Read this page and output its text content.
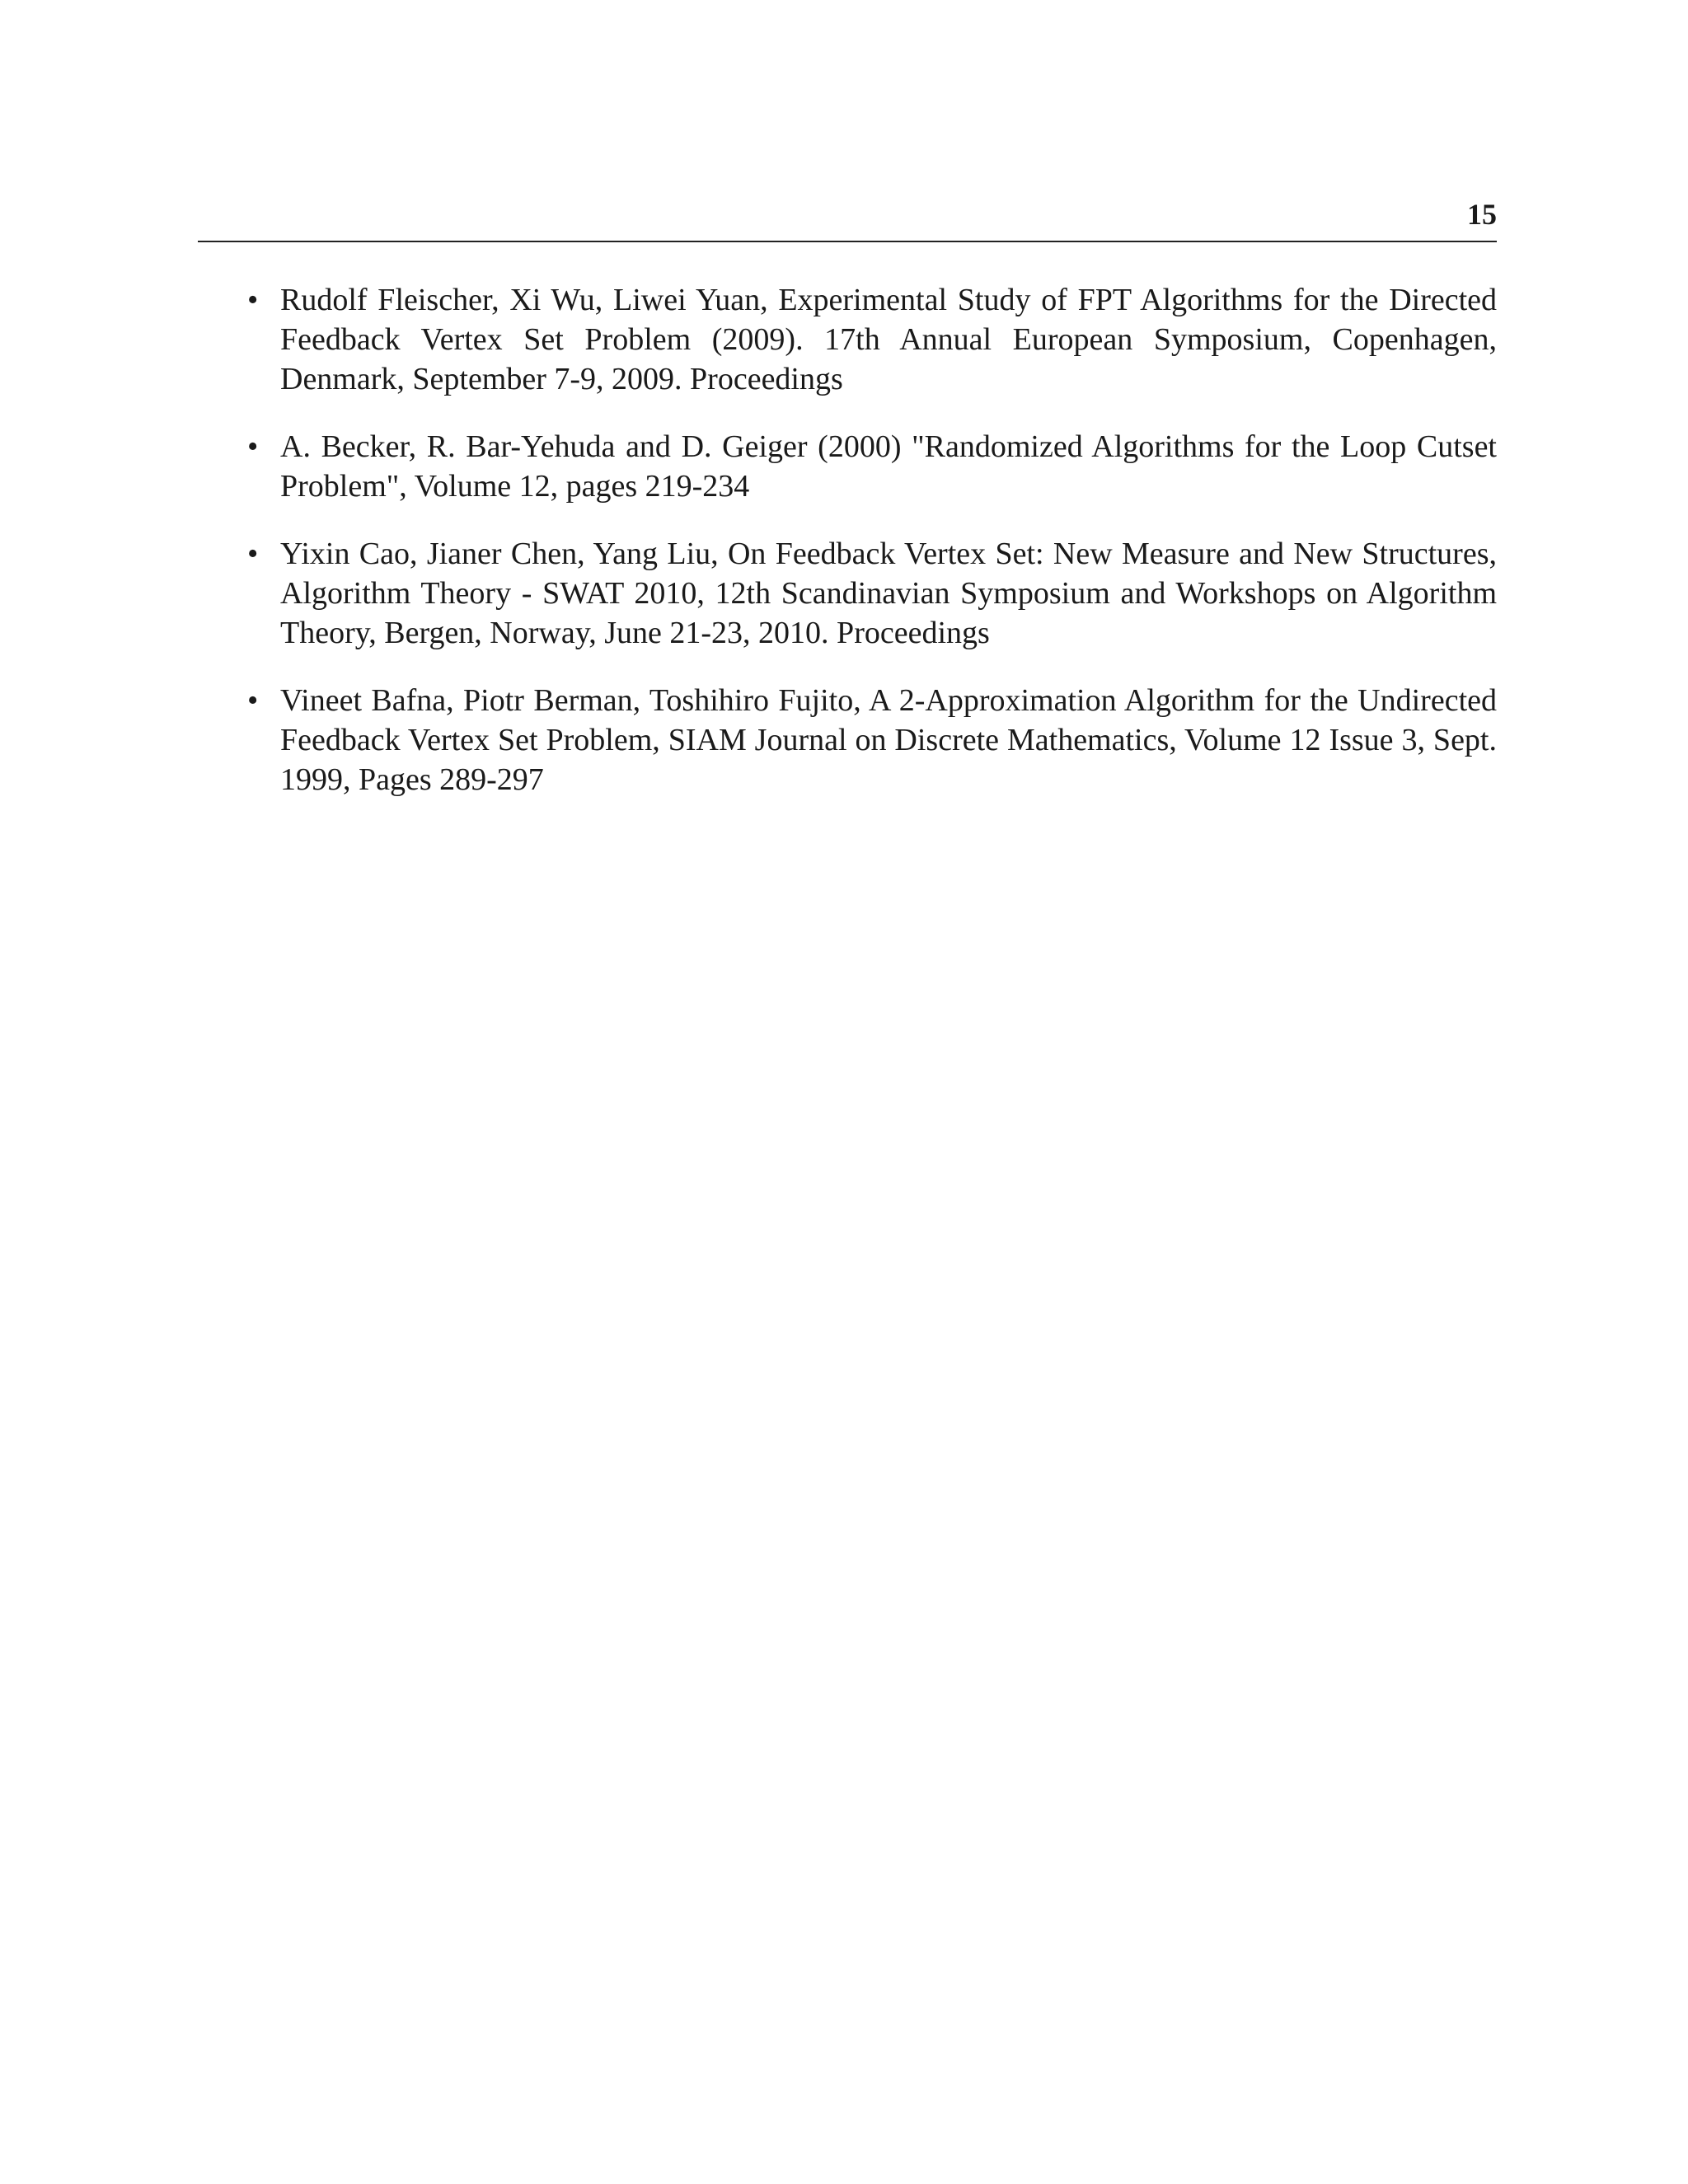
15
• Rudolf Fleischer, Xi Wu, Liwei Yuan, Experimental Study of FPT Algorithms for the Directed Feedback Vertex Set Problem (2009). 17th Annual European Symposium, Copenhagen, Denmark, September 7-9, 2009. Proceedings
• A. Becker, R. Bar-Yehuda and D. Geiger (2000) "Randomized Algorithms for the Loop Cutset Problem", Volume 12, pages 219-234
• Yixin Cao, Jianer Chen, Yang Liu, On Feedback Vertex Set: New Measure and New Structures, Algorithm Theory - SWAT 2010, 12th Scandinavian Symposium and Workshops on Algorithm Theory, Bergen, Norway, June 21-23, 2010. Proceedings
• Vineet Bafna, Piotr Berman, Toshihiro Fujito, A 2-Approximation Algorithm for the Undirected Feedback Vertex Set Problem, SIAM Journal on Discrete Mathematics, Volume 12 Issue 3, Sept. 1999, Pages 289-297
